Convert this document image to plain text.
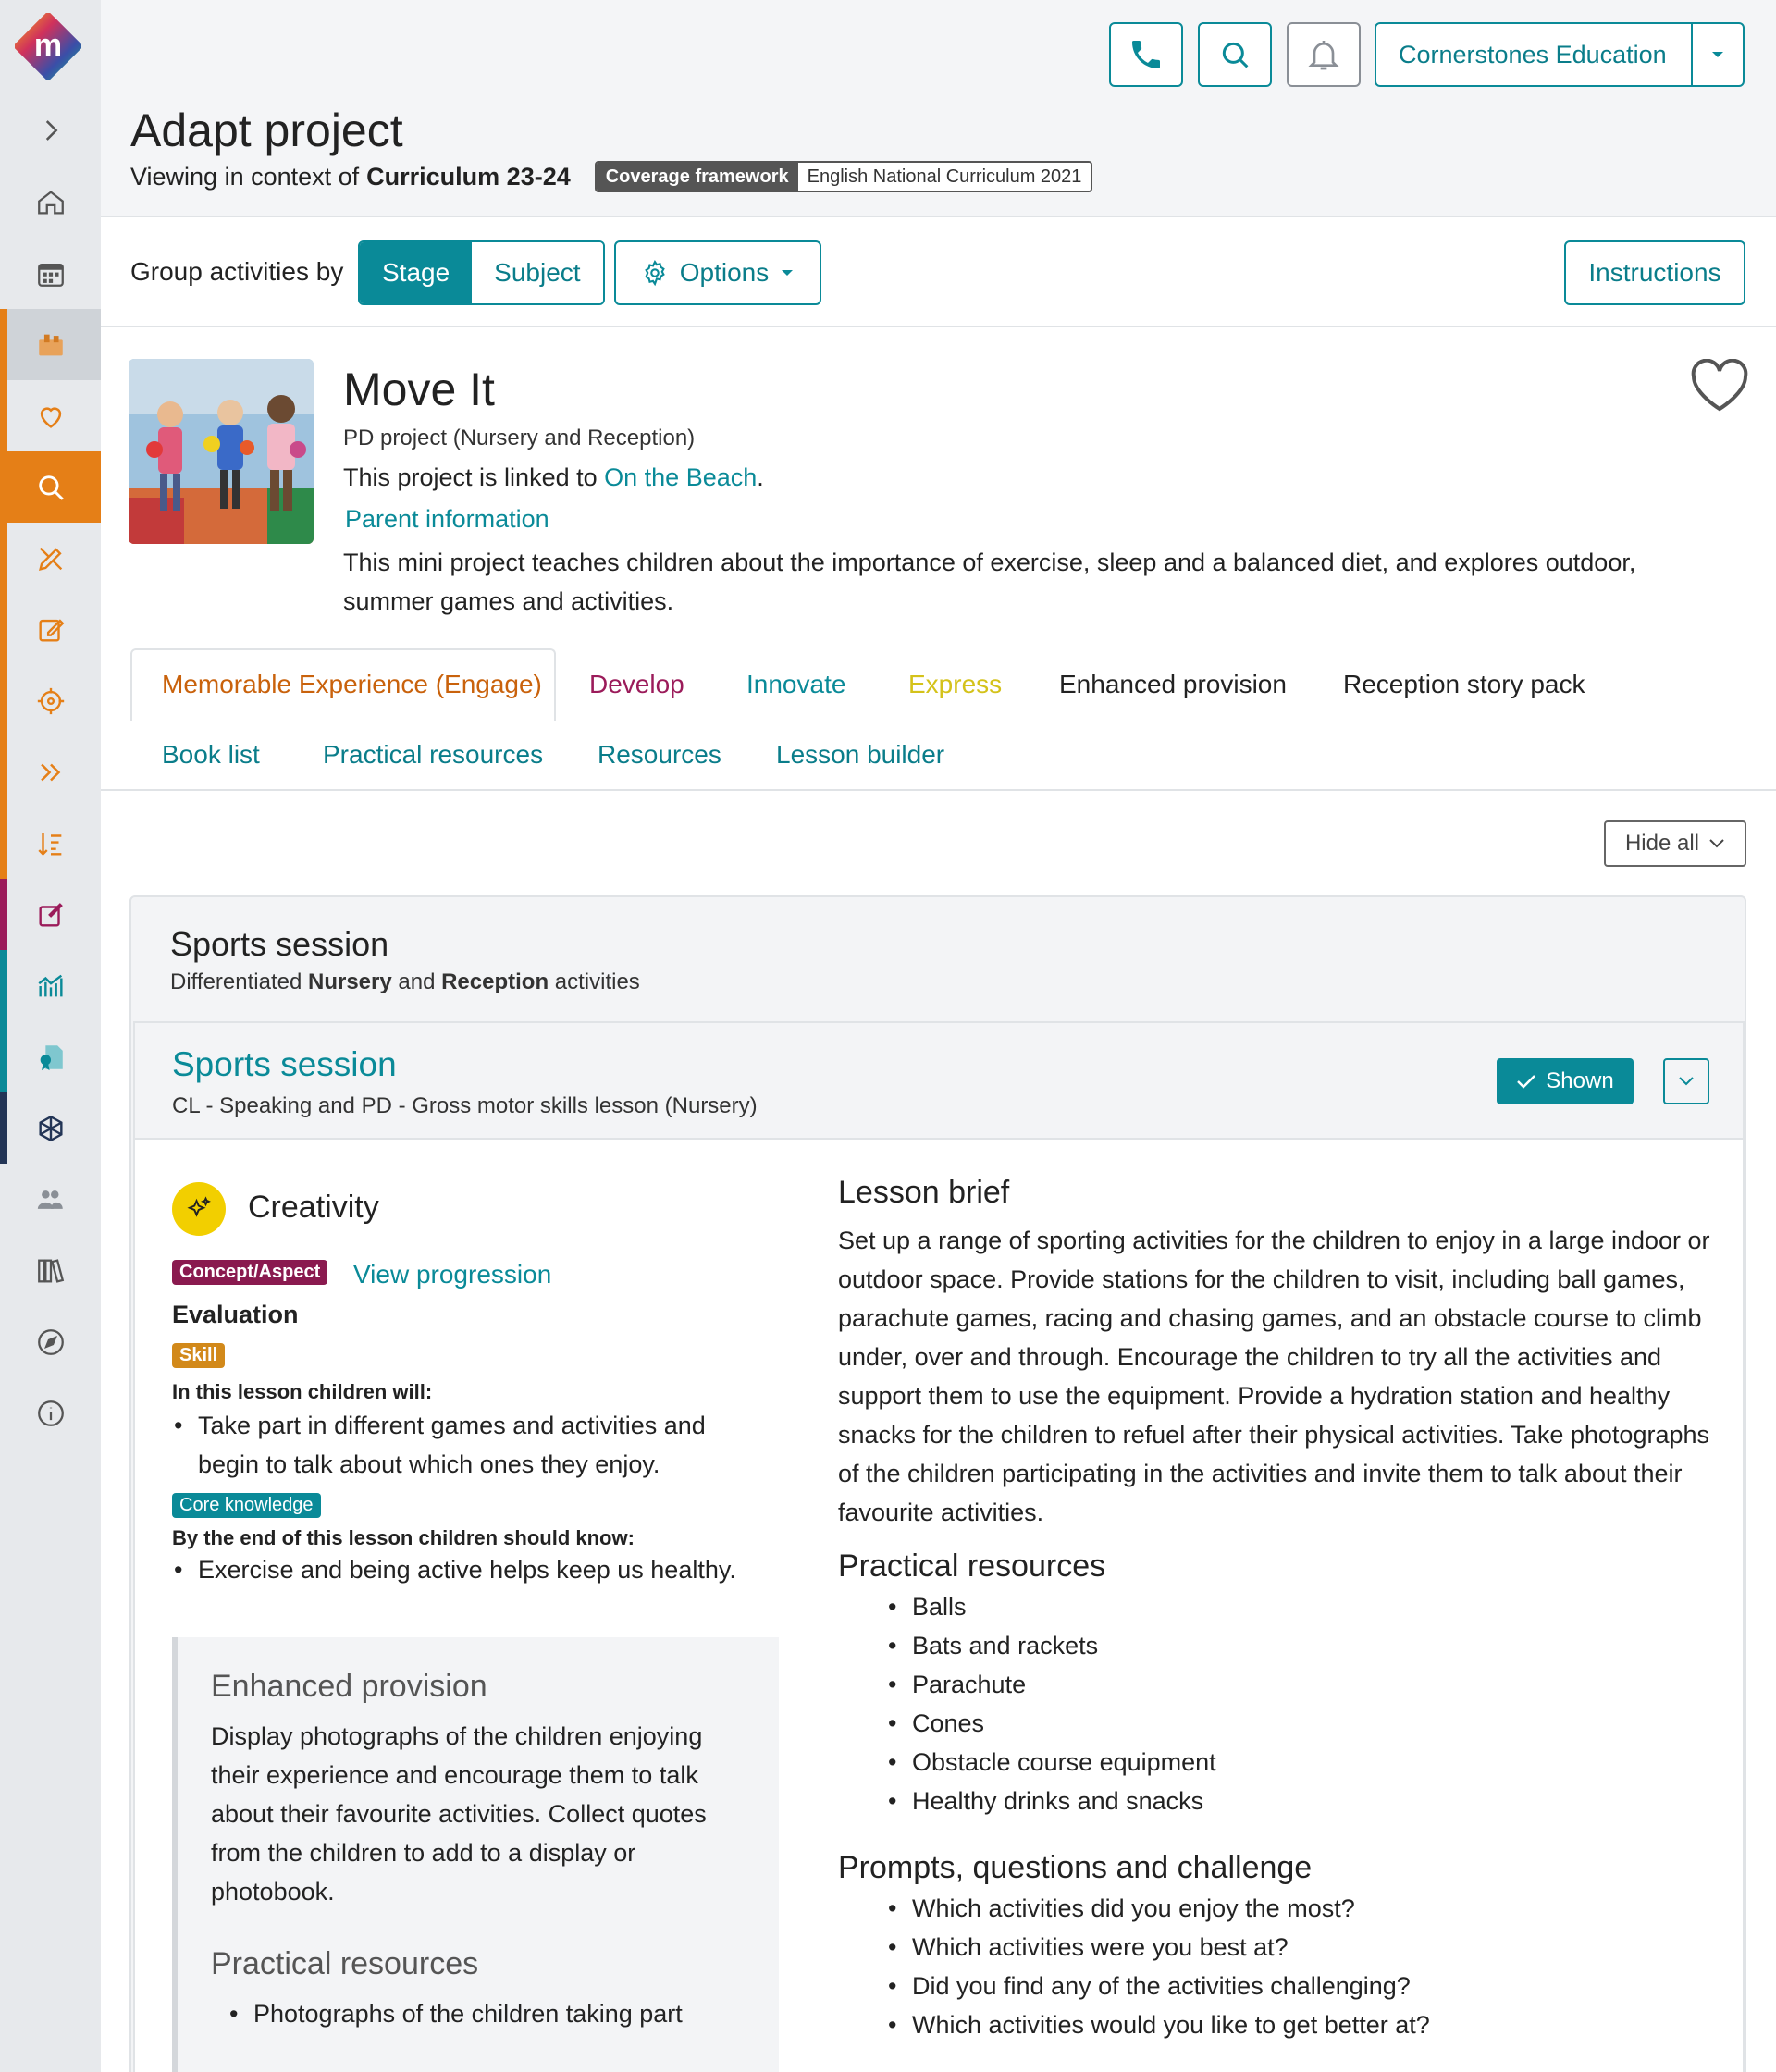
m	Cornerstones Education
Adapt project
Viewing in context of Curriculum 23-24	Coverage framework	English National Curriculum 2021
Group activities by	Stage	Subject	Options	Instructions
Move It
PD project (Nursery and Reception)
This project is linked to On the Beach.
Parent information
This mini project teaches children about the importance of exercise, sleep and a balanced diet, and explores outdoor, summer games and activities.
Memorable Experience (Engage) Develop Innovate Express Enhanced provision Reception story pack
Book list Practical resources Resources Lesson builder
Hide all
Sports session
Differentiated Nursery and Reception activities
Sports session
CL - Speaking and PD - Gross motor skills lesson (Nursery)
Shown
Creativity
Concept/Aspect View progression
Evaluation
Skill
In this lesson children will:
• Take part in different games and activities and begin to talk about which ones they enjoy.
Core knowledge
By the end of this lesson children should know:
• Exercise and being active helps keep us healthy.
Enhanced provision
Display photographs of the children enjoying their experience and encourage them to talk about their favourite activities. Collect quotes from the children to add to a display or photobook.
Practical resources
• Photographs of the children taking part
Lesson brief
Set up a range of sporting activities for the children to enjoy in a large indoor or outdoor space. Provide stations for the children to visit, including ball games, parachute games, racing and chasing games, and an obstacle course to climb under, over and through. Encourage the children to try all the activities and support them to use the equipment. Provide a hydration station and healthy snacks for the children to refuel after their physical activities. Take photographs of the children participating in the activities and invite them to talk about their favourite activities.
Practical resources
• Balls
• Bats and rackets
• Parachute
• Cones
• Obstacle course equipment
• Healthy drinks and snacks
Prompts, questions and challenge
• Which activities did you enjoy the most?
• Which activities were you best at?
• Did you find any of the activities challenging?
• Which activities would you like to get better at?
